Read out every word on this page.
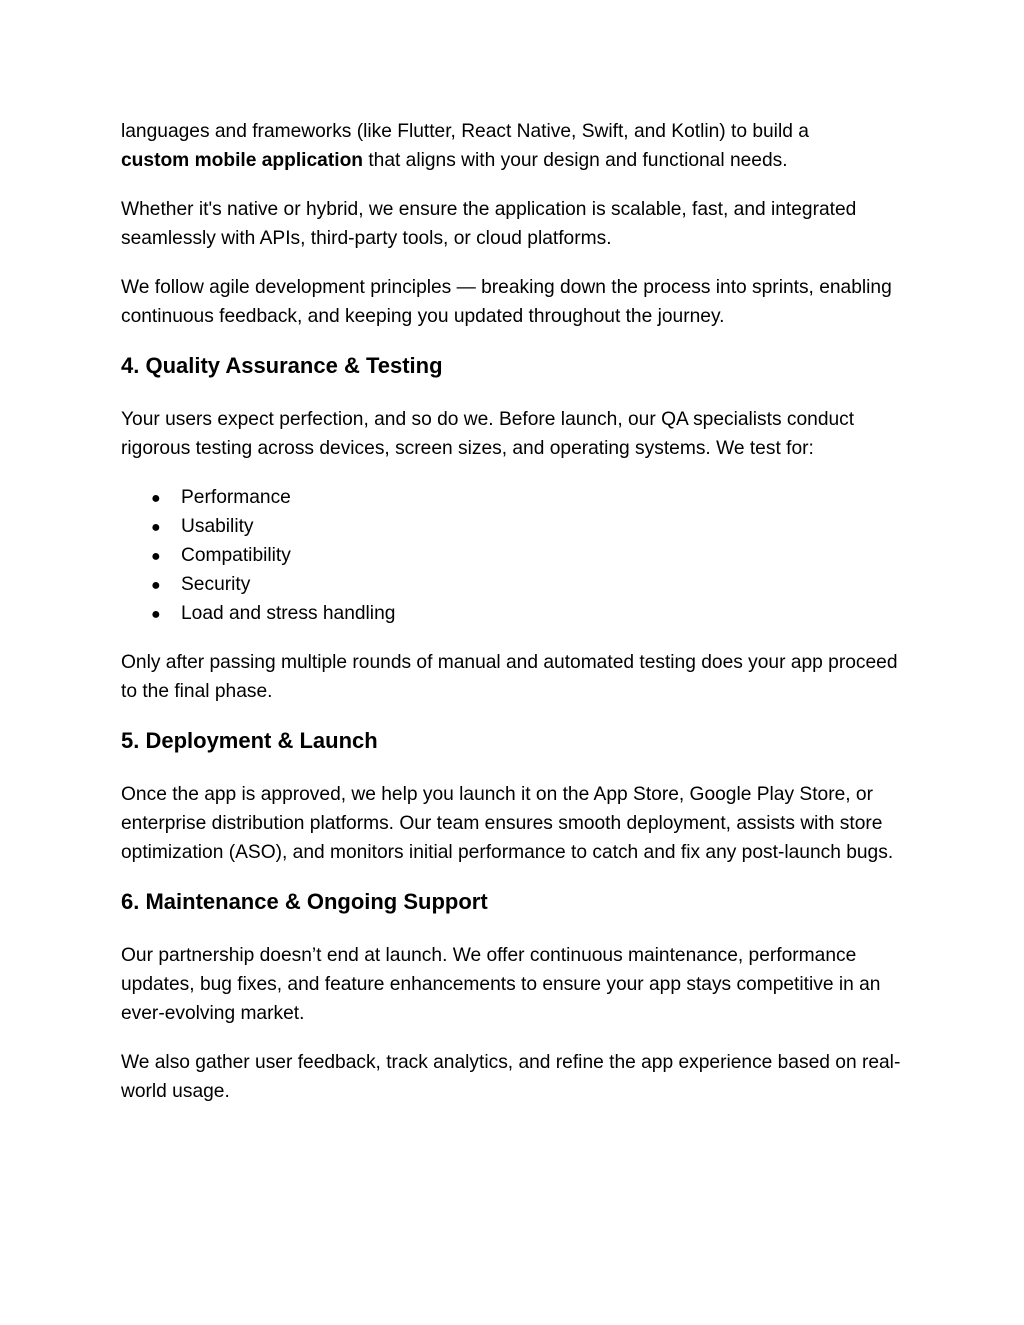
languages and frameworks (like Flutter, React Native, Swift, and Kotlin) to build a
custom mobile application that aligns with your design and functional needs.

Whether it's native or hybrid, we ensure the application is scalable, fast, and integrated seamlessly with APIs, third-party tools, or cloud platforms.

We follow agile development principles — breaking down the process into sprints, enabling continuous feedback, and keeping you updated throughout the journey.

4. Quality Assurance & Testing

Your users expect perfection, and so do we. Before launch, our QA specialists conduct rigorous testing across devices, screen sizes, and operating systems. We test for:

●	Performance
●	Usability
●	Compatibility
●	Security
●	Load and stress handling

Only after passing multiple rounds of manual and automated testing does your app proceed to the final phase.

5. Deployment & Launch

Once the app is approved, we help you launch it on the App Store, Google Play Store, or enterprise distribution platforms. Our team ensures smooth deployment, assists with store optimization (ASO), and monitors initial performance to catch and fix any post-launch bugs.

6. Maintenance & Ongoing Support

Our partnership doesn’t end at launch. We offer continuous maintenance, performance updates, bug fixes, and feature enhancements to ensure your app stays competitive in an ever-evolving market.

We also gather user feedback, track analytics, and refine the app experience based on real-world usage.
